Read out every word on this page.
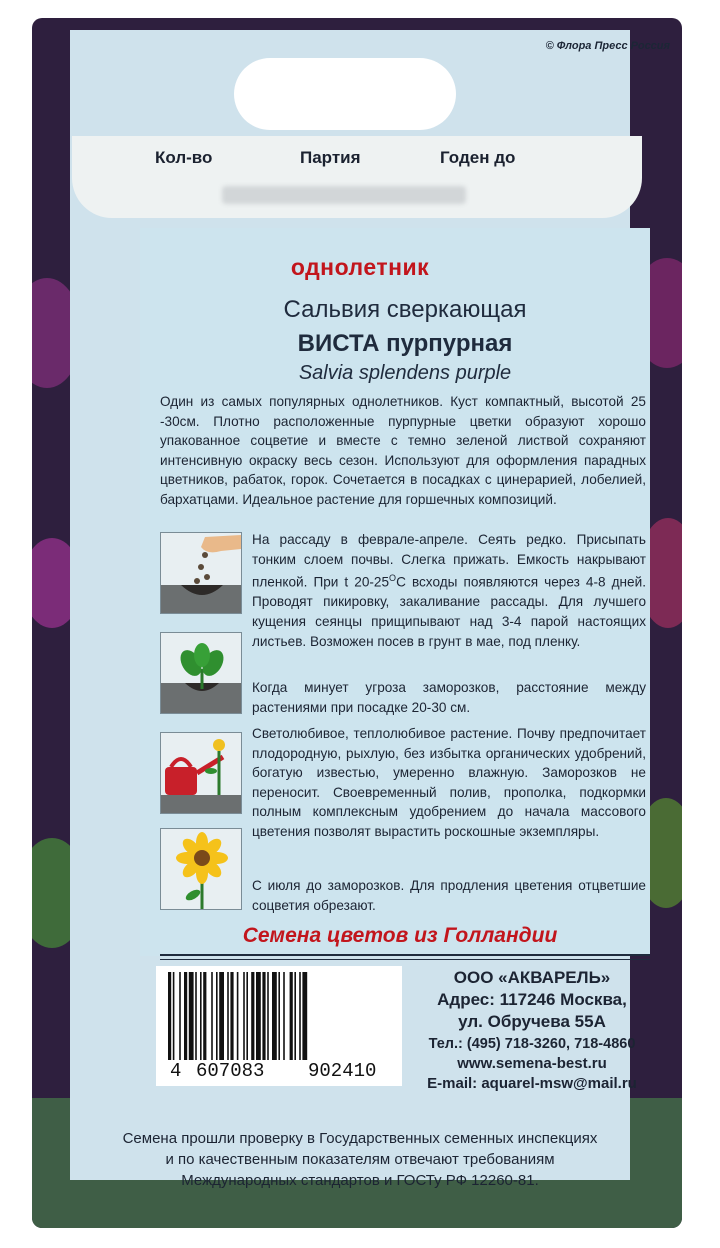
© Флора Пресс Россия
Кол-во	Партия	Годен до
однолетник
Сальвия сверкающая
ВИСТА пурпурная
Salvia splendens purple
Один из самых популярных однолетников. Куст компактный, высотой 25 -30см. Плотно расположенные пурпурные цветки образуют хорошо упакованное соцветие и вместе с темно зеленой листвой сохраняют интенсивную окраску весь сезон. Используют для оформления парадных цветников, рабаток, горок. Сочетается в посадках с цинерарией, лобелией, бархатцами. Идеальное растение для горшечных композиций.
На рассаду в феврале-апреле. Сеять редко. Присыпать тонким слоем почвы. Слегка прижать. Емкость накрывают пленкой. При t $20-25^OC$ всходы появляются через 4-8 дней. Проводят пикировку, закаливание рассады. Для лучшего кущения сеянцы прищипывают над 3-4 парой настоящих листьев. Возможен посев в грунт в мае, под пленку.
Когда минует угроза заморозков, расстояние между растениями при посадке 20-30 см.
Светолюбивое, теплолюбивое растение. Почву предпочитает плодородную, рыхлую, без избытка органических удобрений, богатую известью, умеренно влажную. Заморозков не переносит. Своевременный полив, прополка, подкормки полным комплексным удобрением до начала массового цветения позволят вырастить роскошные экземпляры.
С июля до заморозков. Для продления цветения отцветшие соцветия обрезают.
Семена цветов из Голландии
4 607083 902410
ООО «АКВАРЕЛЬ»
Адрес: 117246 Москва,
ул. Обручева 55А
Тел.: (495) 718-3260, 718-4860
www.semena-best.ru
E-mail: aquarel-msw@mail.ru
Семена прошли проверку в Государственных семенных инспекциях
и по качественным показателям отвечают требованиям
Международных стандартов и ГОСТу РФ 12260-81.
